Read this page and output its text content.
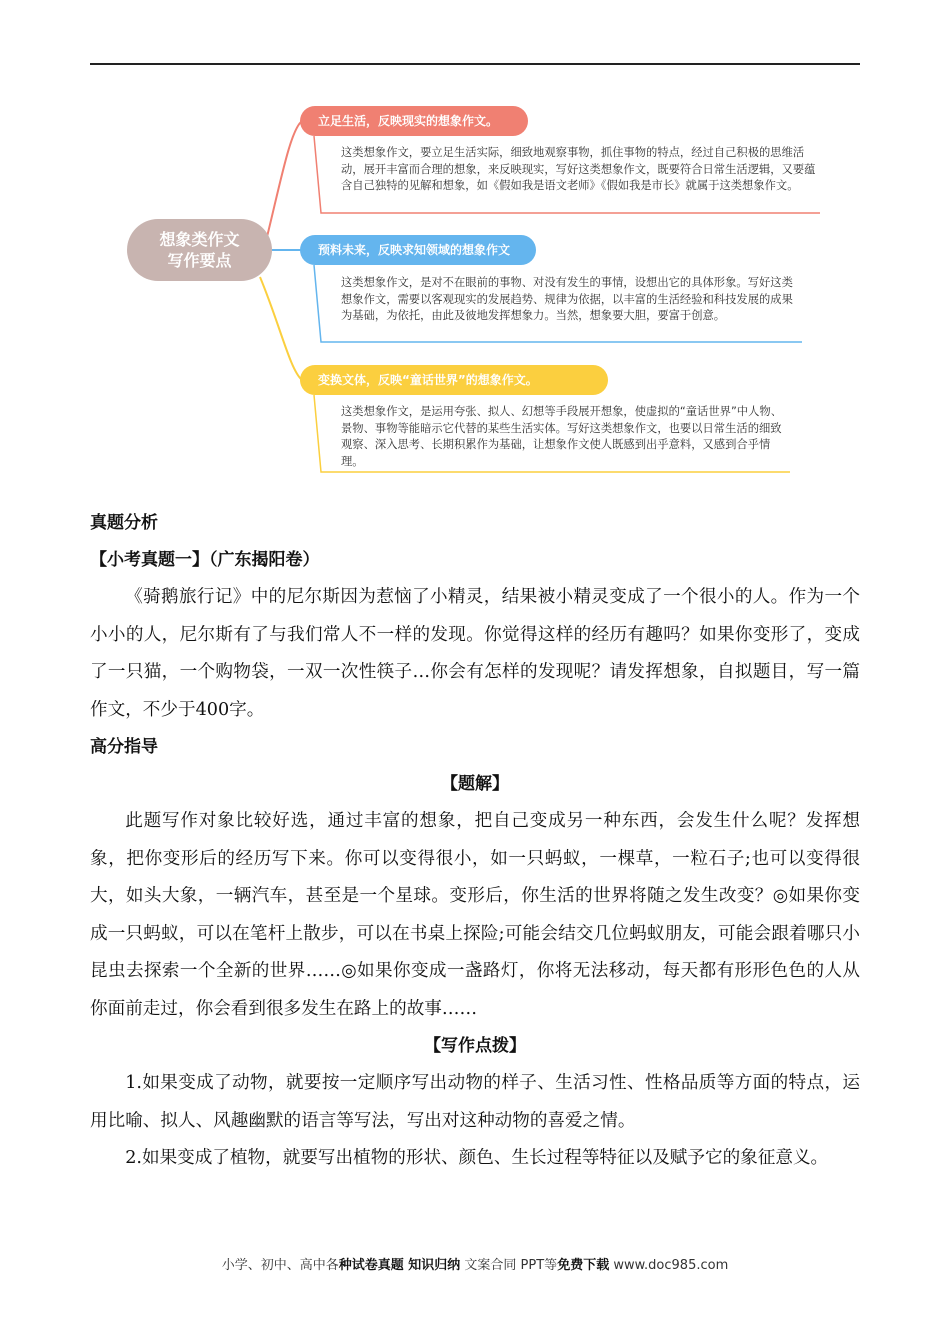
想象类作文
写作要点
立足生活，反映现实的想象作文。
这类想象作文，要立足生活实际，细致地观察事物，抓住事物的特点，经过自己积极的思维活动，展开丰富而合理的想象，来反映现实，写好这类想象作文，既要符合日常生活逻辑，又要蕴含自己独特的见解和想象，如《假如我是语文老师》《假如我是市长》就属于这类想象作文。
预料未来，反映求知领域的想象作文
这类想象作文，是对不在眼前的事物、对没有发生的事情，设想出它的具体形象。写好这类想象作文，需要以客观现实的发展趋势、规律为依据，以丰富的生活经验和科技发展的成果为基础，为依托，由此及彼地发挥想象力。当然，想象要大胆，要富于创意。
变换文体，反映“童话世界”的想象作文。
这类想象作文，是运用夸张、拟人、幻想等手段展开想象，使虚拟的“童话世界”中人物、景物、事物等能暗示它代替的某些生活实体。写好这类想象作文，也要以日常生活的细致观察、深入思考、长期积累作为基础，让想象作文使人既感到出乎意料，又感到合乎情理。
真题分析
【小考真题一】（广东揭阳卷）

《骑鹅旅行记》中的尼尔斯因为惹恼了小精灵，结果被小精灵变成了一个很小的人。作为一个小小的人，尼尔斯有了与我们常人不一样的发现。你觉得这样的经历有趣吗？如果你变形了，变成了一只猫，一个购物袋，一双一次性筷子…你会有怎样的发现呢？请发挥想象，自拟题目，写一篇作文，不少于400字。

高分指导
【题解】

此题写作对象比较好选，通过丰富的想象，把自己变成另一种东西，会发生什么呢？发挥想象，把你变形后的经历写下来。你可以变得很小，如一只蚂蚁，一棵草，一粒石子;也可以变得很大，如头大象，一辆汽车，甚至是一个星球。变形后，你生活的世界将随之发生改变？◎如果你变成一只蚂蚁，可以在笔杆上散步，可以在书桌上探险;可能会结交几位蚂蚁朋友，可能会跟着哪只小昆虫去探索一个全新的世界……◎如果你变成一盏路灯，你将无法移动，每天都有形形色色的人从你面前走过，你会看到很多发生在路上的故事……

【写作点拨】

1.如果变成了动物，就要按一定顺序写出动物的样子、生活习性、性格品质等方面的特点，运用比喻、拟人、风趣幽默的语言等写法，写出对这种动物的喜爱之情。

2.如果变成了植物，就要写出植物的形状、颜色、生长过程等特征以及赋予它的象征意义。

小学、初中、高中各种试卷真题 知识归纳 文案合同 PPT等免费下载 www.doc985.com
